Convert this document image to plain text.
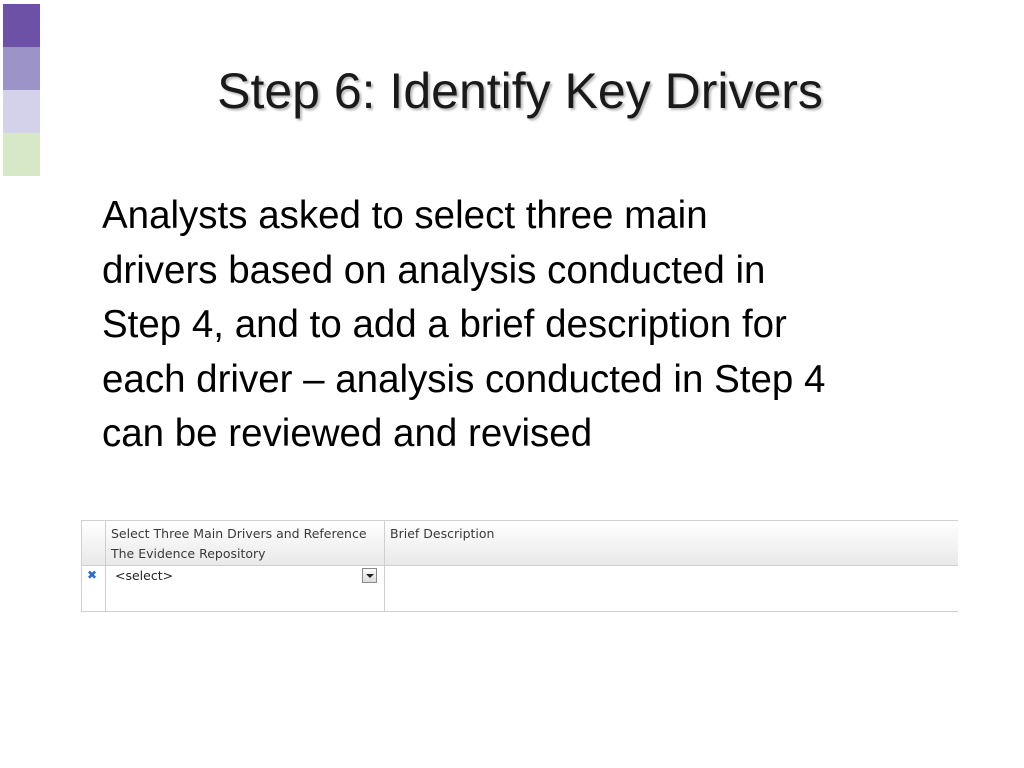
Step 6: Identify Key Drivers
Analysts asked to select three main
drivers based on analysis conducted in
Step 4, and to add a brief description for
each driver – analysis conducted in Step 4
can be reviewed and revised
Select Three Main Drivers and Reference
The Evidence Repository
Brief Description
✖ <select>
